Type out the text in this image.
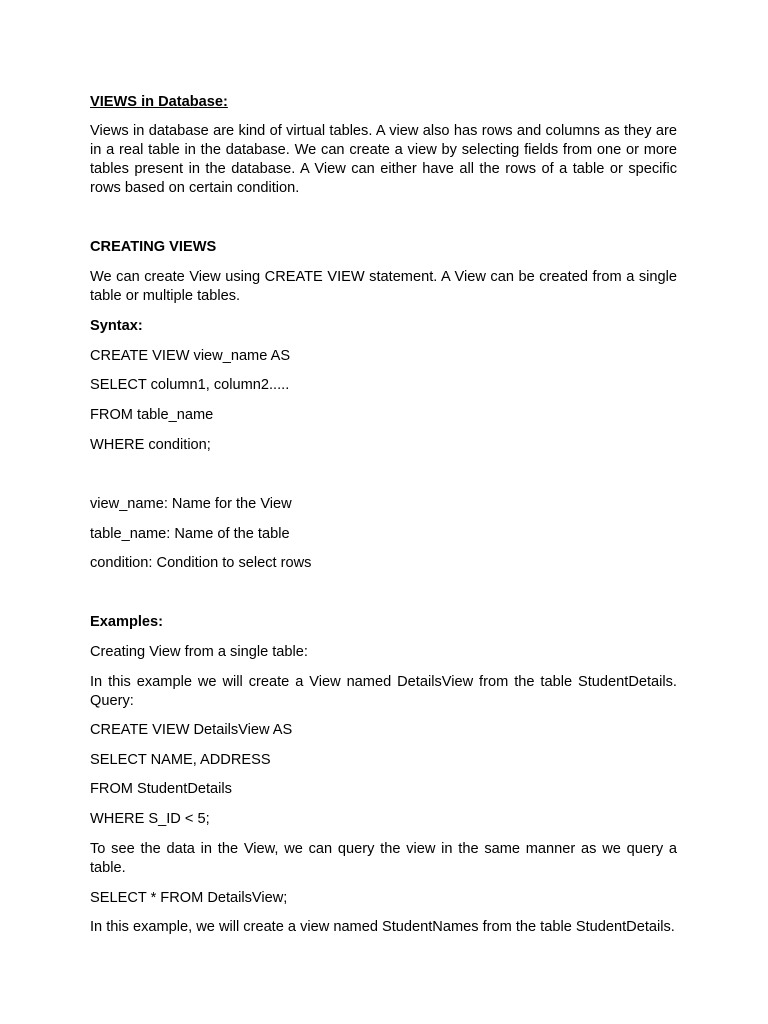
VIEWS in Database:

Views in database are kind of virtual tables. A view also has rows and columns as they are in a real table in the database. We can create a view by selecting fields from one or more tables present in the database. A View can either have all the rows of a table or specific rows based on certain condition.

CREATING VIEWS

We can create View using CREATE VIEW statement. A View can be created from a single table or multiple tables.

Syntax:
CREATE VIEW view_name AS
SELECT column1, column2.....
FROM table_name
WHERE condition;
view_name: Name for the View
table_name: Name of the table
condition: Condition to select rows
Examples:
Creating View from a single table:

In this example we will create a View named DetailsView from the table StudentDetails. Query:

CREATE VIEW DetailsView AS
SELECT NAME, ADDRESS
FROM StudentDetails
WHERE S_ID < 5;

To see the data in the View, we can query the view in the same manner as we query a table.

SELECT * FROM DetailsView;

In this example, we will create a view named StudentNames from the table StudentDetails.
